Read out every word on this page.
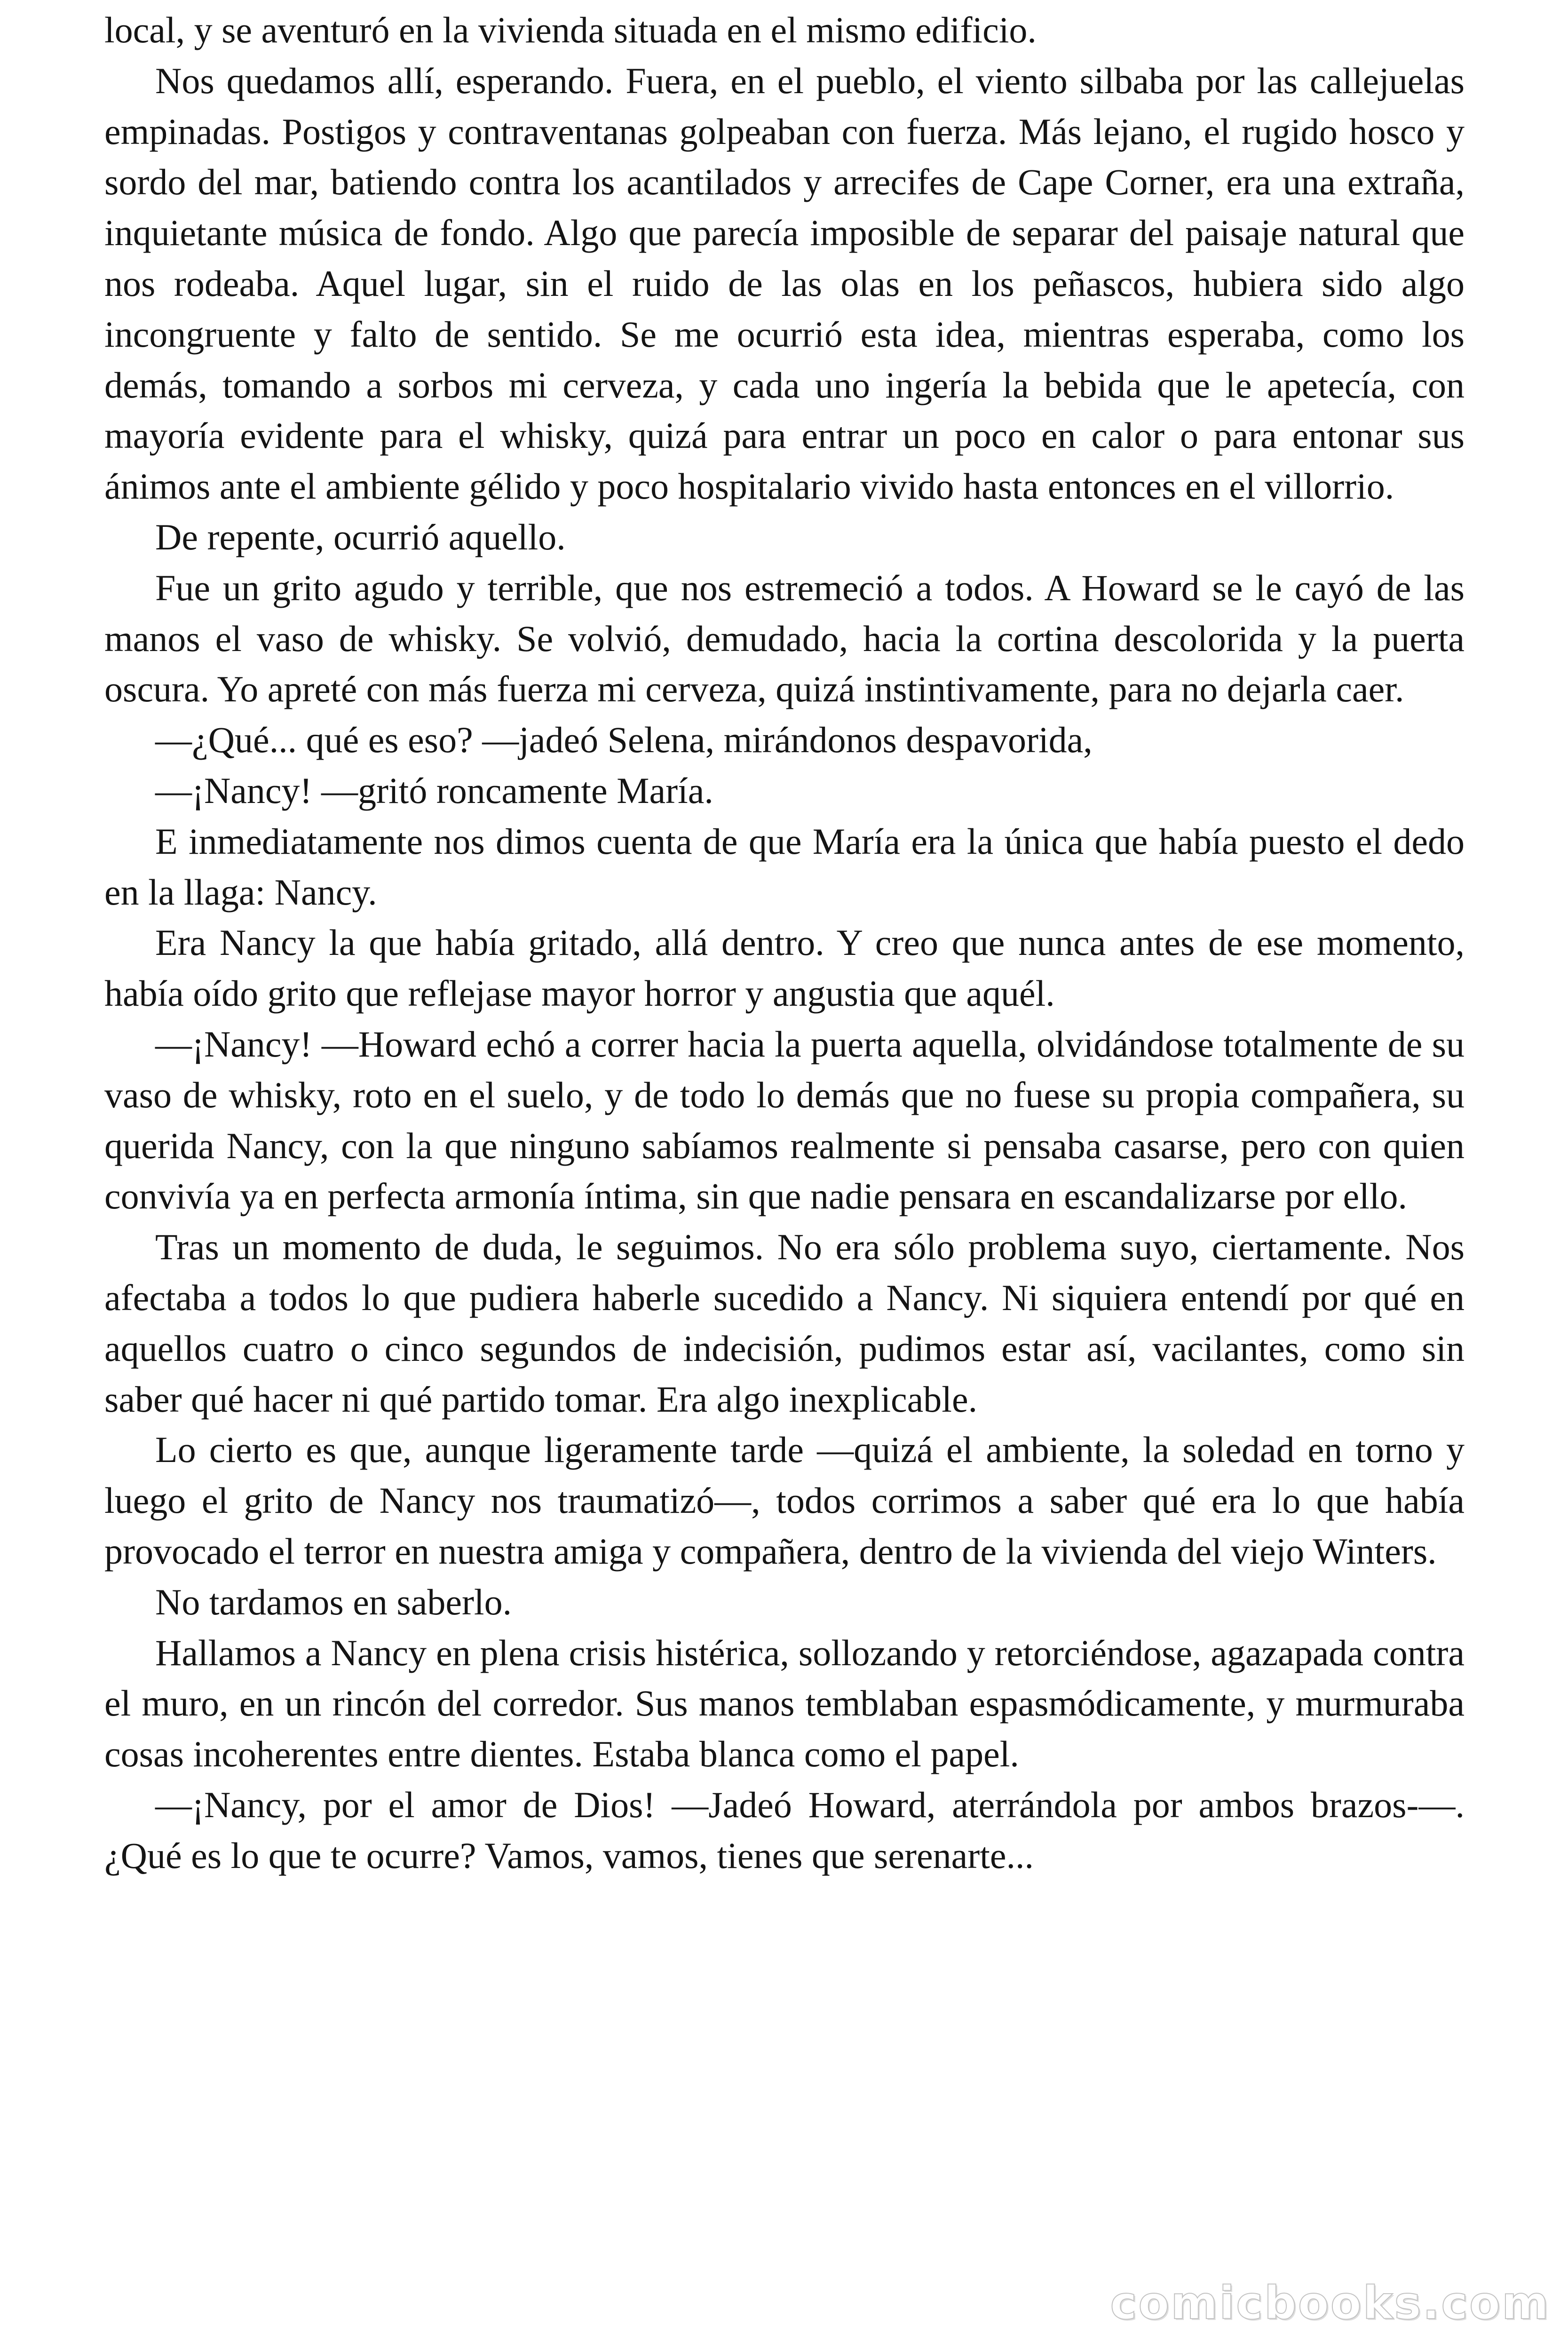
local, y se aventuró en la vivienda situada en el mismo edificio.

Nos quedamos allí, esperando. Fuera, en el pueblo, el viento silbaba por las callejuelas empinadas. Postigos y contraventanas golpeaban con fuerza. Más lejano, el rugido hosco y sordo del mar, batiendo contra los acantilados y arrecifes de Cape Corner, era una extraña, inquietante música de fondo. Algo que parecía imposible de separar del paisaje natural que nos rodeaba. Aquel lugar, sin el ruido de las olas en los peñascos, hubiera sido algo incongruente y falto de sentido. Se me ocurrió esta idea, mientras esperaba, como los demás, tomando a sorbos mi cerveza, y cada uno ingería la bebida que le apetecía, con mayoría evidente para el whisky, quizá para entrar un poco en calor o para entonar sus ánimos ante el ambiente gélido y poco hospitalario vivido hasta entonces en el villorrio.

De repente, ocurrió aquello.

Fue un grito agudo y terrible, que nos estremeció a todos. A Howard se le cayó de las manos el vaso de whisky. Se volvió, demudado, hacia la cortina descolorida y la puerta oscura. Yo apreté con más fuerza mi cerveza, quizá instintivamente, para no dejarla caer.

—¿Qué... qué es eso? —jadeó Selena, mirándonos despavorida,

—¡Nancy! —gritó roncamente María.

E inmediatamente nos dimos cuenta de que María era la única que había puesto el dedo en la llaga: Nancy.

Era Nancy la que había gritado, allá dentro. Y creo que nunca antes de ese momento, había oído grito que reflejase mayor horror y angustia que aquél.

—¡Nancy! —Howard echó a correr hacia la puerta aquella, olvidándose totalmente de su vaso de whisky, roto en el suelo, y de todo lo demás que no fuese su propia compañera, su querida Nancy, con la que ninguno sabíamos realmente si pensaba casarse, pero con quien convivía ya en perfecta armonía íntima, sin que nadie pensara en escandalizarse por ello.

Tras un momento de duda, le seguimos. No era sólo problema suyo, ciertamente. Nos afectaba a todos lo que pudiera haberle sucedido a Nancy. Ni siquiera entendí por qué en aquellos cuatro o cinco segundos de indecisión, pudimos estar así, vacilantes, como sin saber qué hacer ni qué partido tomar. Era algo inexplicable.

Lo cierto es que, aunque ligeramente tarde —quizá el ambiente, la soledad en torno y luego el grito de Nancy nos traumatizó—, todos corrimos a saber qué era lo que había provocado el terror en nuestra amiga y compañera, dentro de la vivienda del viejo Winters.

No tardamos en saberlo.

Hallamos a Nancy en plena crisis histérica, sollozando y retorciéndose, agazapada contra el muro, en un rincón del corredor. Sus manos temblaban espasmódicamente, y murmuraba cosas incoherentes entre dientes. Estaba blanca como el papel.

—¡Nancy, por el amor de Dios! —Jadeó Howard, aterrándola por ambos brazos-—. ¿Qué es lo que te ocurre? Vamos, vamos, tienes que serenarte...

comicbooks.com
